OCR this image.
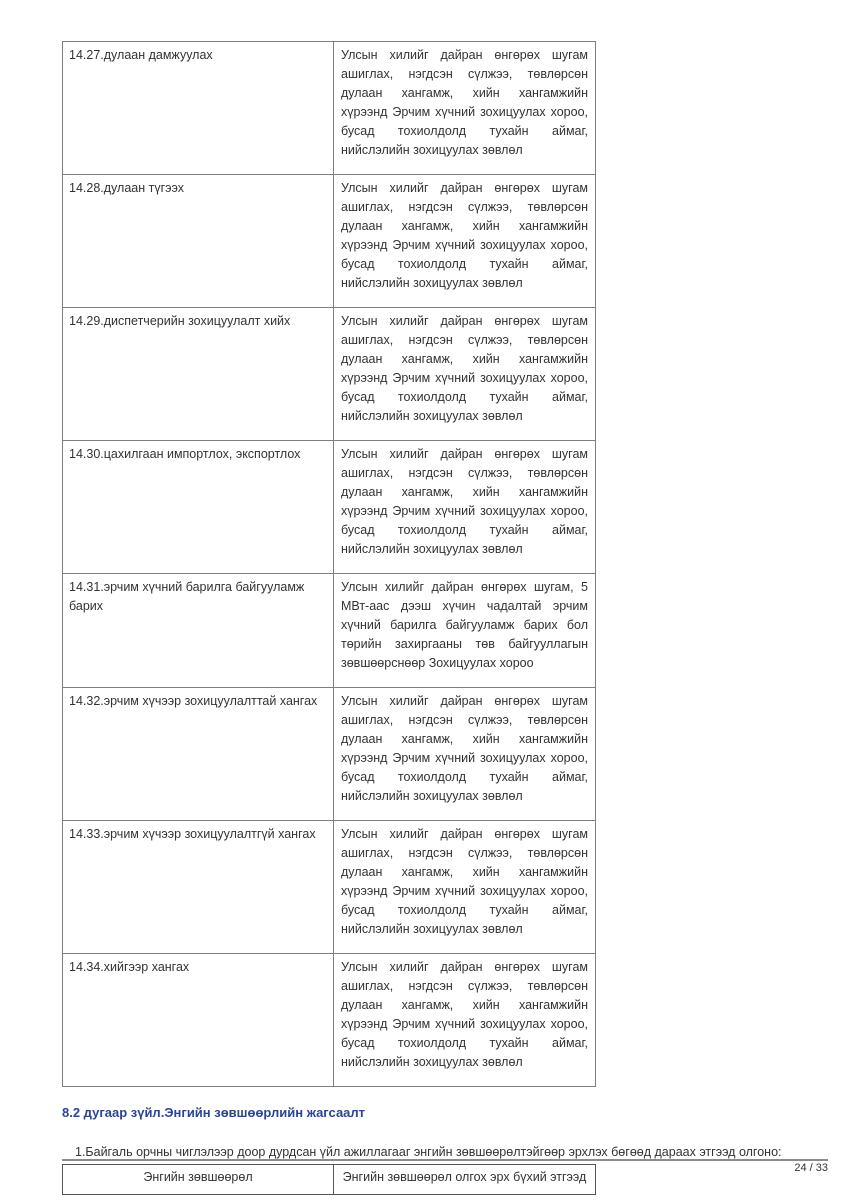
14.27.дулаан дамжуулах	Улсын хилийг дайран өнгөрөх шугам ашиглах, нэгдсэн сүлжээ, төвлөрсөн дулаан хангамж, хийн хангамжийн хүрээнд Эрчим хүчний зохицуулах хороо, бусад тохиолдолд тухайн аймаг, нийслэлийн зохицуулах зөвлөл
14.28.дулаан түгээх	Улсын хилийг дайран өнгөрөх шугам ашиглах, нэгдсэн сүлжээ, төвлөрсөн дулаан хангамж, хийн хангамжийн хүрээнд Эрчим хүчний зохицуулах хороо, бусад тохиолдолд тухайн аймаг, нийслэлийн зохицуулах зөвлөл
14.29.диспетчерийн зохицуулалт хийх	Улсын хилийг дайран өнгөрөх шугам ашиглах, нэгдсэн сүлжээ, төвлөрсөн дулаан хангамж, хийн хангамжийн хүрээнд Эрчим хүчний зохицуулах хороо, бусад тохиолдолд тухайн аймаг, нийслэлийн зохицуулах зөвлөл
14.30.цахилгаан импортлох, экспортлох	Улсын хилийг дайран өнгөрөх шугам ашиглах, нэгдсэн сүлжээ, төвлөрсөн дулаан хангамж, хийн хангамжийн хүрээнд Эрчим хүчний зохицуулах хороо, бусад тохиолдолд тухайн аймаг, нийслэлийн зохицуулах зөвлөл
14.31.эрчим хүчний барилга байгууламж барих	Улсын хилийг дайран өнгөрөх шугам, 5 МВт-аас дээш хүчин чадалтай эрчим хүчний барилга байгууламж барих бол төрийн захиргааны төв байгууллагын зөвшөөрснөөр Зохицуулах хороо
14.32.эрчим хүчээр зохицуулалттай хангах	Улсын хилийг дайран өнгөрөх шугам ашиглах, нэгдсэн сүлжээ, төвлөрсөн дулаан хангамж, хийн хангамжийн хүрээнд Эрчим хүчний зохицуулах хороо, бусад тохиолдолд тухайн аймаг, нийслэлийн зохицуулах зөвлөл
14.33.эрчим хүчээр зохицуулалтгүй хангах	Улсын хилийг дайран өнгөрөх шугам ашиглах, нэгдсэн сүлжээ, төвлөрсөн дулаан хангамж, хийн хангамжийн хүрээнд Эрчим хүчний зохицуулах хороо, бусад тохиолдолд тухайн аймаг, нийслэлийн зохицуулах зөвлөл
14.34.хийгээр хангах	Улсын хилийг дайран өнгөрөх шугам ашиглах, нэгдсэн сүлжээ, төвлөрсөн дулаан хангамж, хийн хангамжийн хүрээнд Эрчим хүчний зохицуулах хороо, бусад тохиолдолд тухайн аймаг, нийслэлийн зохицуулах зөвлөл
8.2 дугаар зүйл.Энгийн зөвшөөрлийн жагсаалт
1.Байгаль орчны чиглэлээр доор дурдсан үйл ажиллагааг энгийн зөвшөөрөлтэйгөөр эрхлэх бөгөөд дараах этгээд олгоно:
Энгийн зөвшөөрөл	Энгийн зөвшөөрөл олгох эрх бүхий этгээд
24 / 33
